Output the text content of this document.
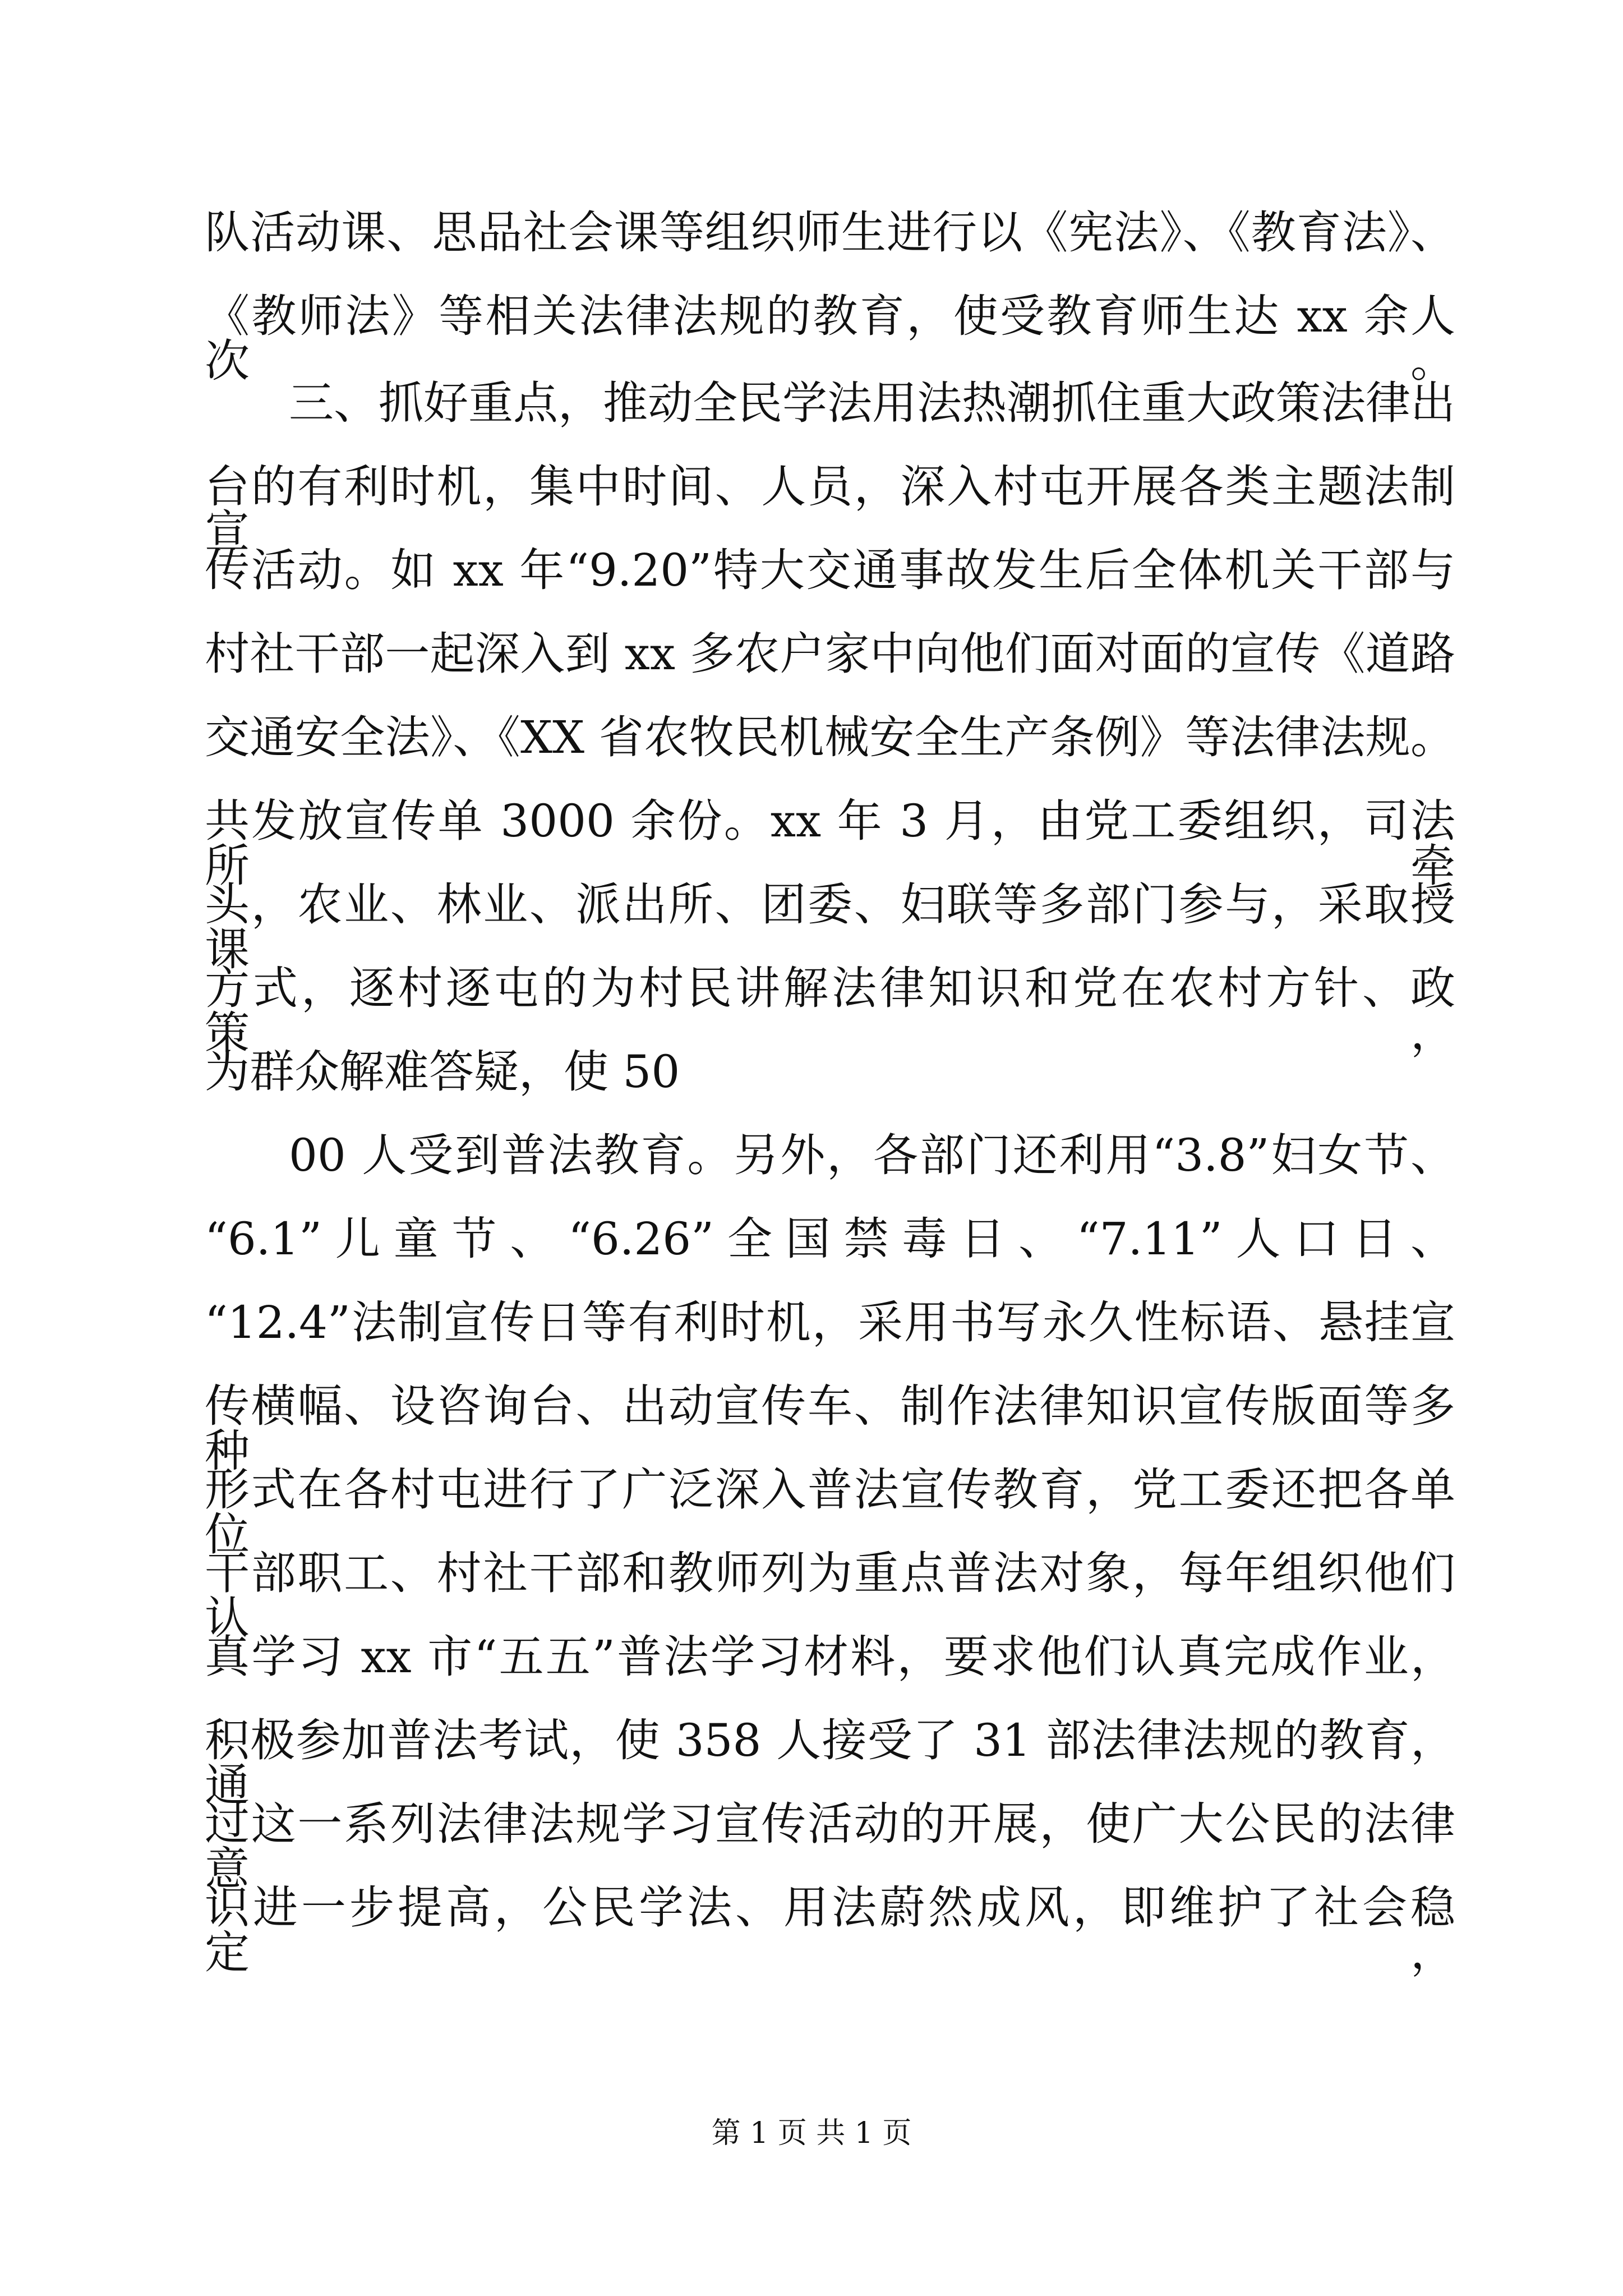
队活动课、思品社会课等组织师生进行以《宪法》、《教育法》、
《教师法》等相关法律法规的教育，使受教育师生达 xx 余人次。
三、抓好重点，推动全民学法用法热潮抓住重大政策法律出
台的有利时机，集中时间、人员，深入村屯开展各类主题法制宣
传活动。如 xx 年“9.20”特大交通事故发生后全体机关干部与
村社干部一起深入到 xx 多农户家中向他们面对面的宣传《道路
交通安全法》、《XX 省农牧民机械安全生产条例》等法律法规。
共发放宣传单 3000 余份。xx 年 3 月，由党工委组织，司法所牵
头，农业、林业、派出所、团委、妇联等多部门参与，采取授课
方式，逐村逐屯的为村民讲解法律知识和党在农村方针、政策，
为群众解难答疑，使 50
00 人受到普法教育。另外，各部门还利用“3.8”妇女节、
“6.1”儿童节、“6.26”全国禁毒日、“7.11”人口日、
“12.4”法制宣传日等有利时机，采用书写永久性标语、悬挂宣
传横幅、设咨询台、出动宣传车、制作法律知识宣传版面等多种
形式在各村屯进行了广泛深入普法宣传教育，党工委还把各单位
干部职工、村社干部和教师列为重点普法对象，每年组织他们认
真学习 xx 市“五五”普法学习材料，要求他们认真完成作业，
积极参加普法考试，使 358 人接受了 31 部法律法规的教育，通
过这一系列法律法规学习宣传活动的开展，使广大公民的法律意
识进一步提高，公民学法、用法蔚然成风，即维护了社会稳定，
第 1 页 共 1 页
